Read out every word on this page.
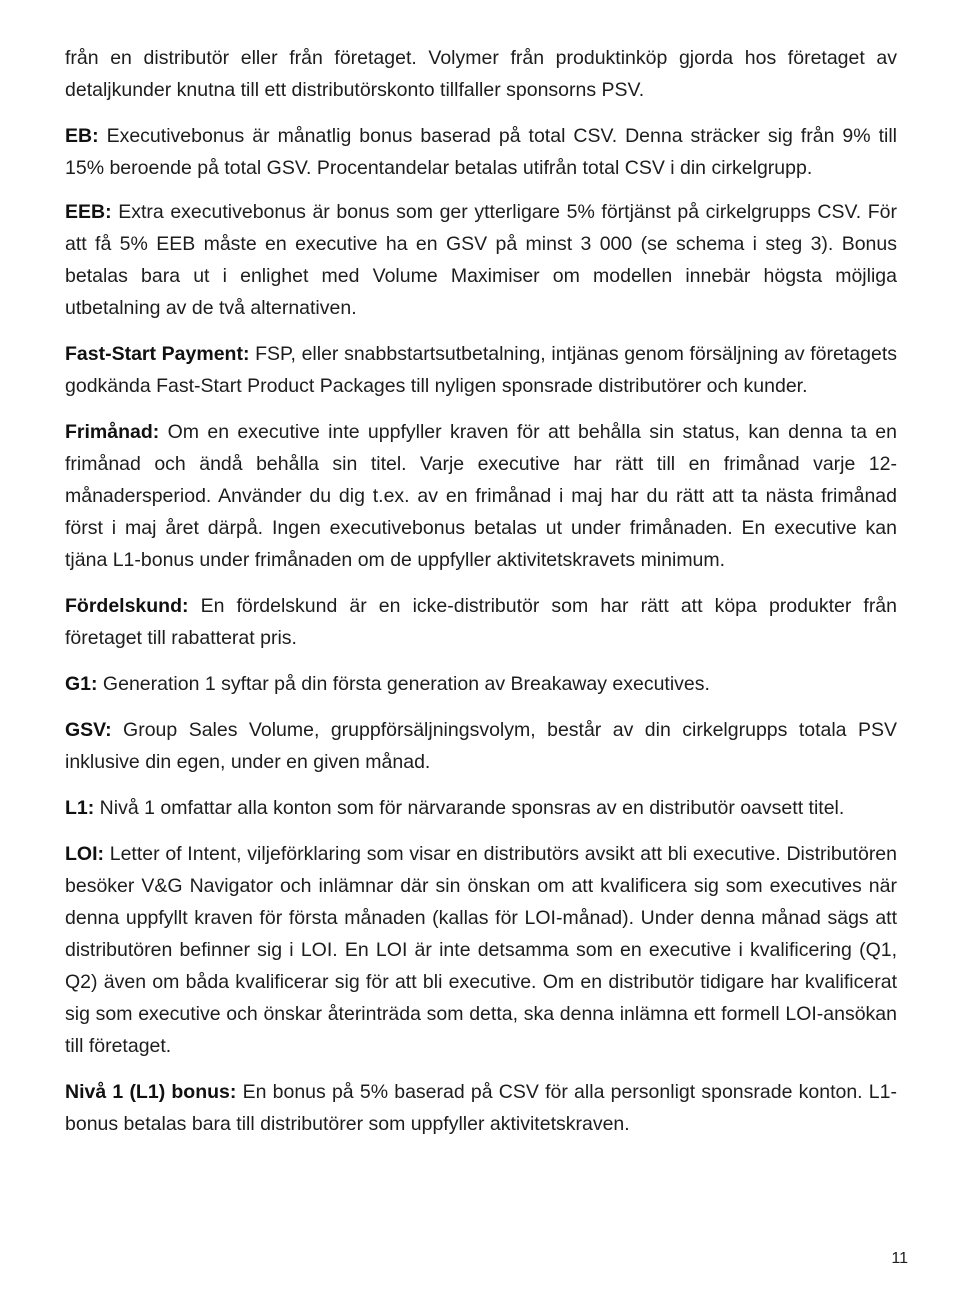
från en distributör eller från företaget. Volymer från produktinköp gjorda hos företaget av detaljkunder knutna till ett distributörskonto tillfaller sponsorns PSV.

EB: Executivebonus är månatlig bonus baserad på total CSV. Denna sträcker sig från 9% till 15% beroende på total GSV. Procentandelar betalas utifrån total CSV i din cirkelgrupp.

EEB: Extra executivebonus är bonus som ger ytterligare 5% förtjänst på cirkelgrupps CSV. För att få 5% EEB måste en executive ha en GSV på minst 3 000 (se schema i steg 3). Bonus betalas bara ut i enlighet med Volume Maximiser om modellen innebär högsta möjliga utbetalning av de två alternativen.

Fast-Start Payment: FSP, eller snabbstartsutbetalning, intjänas genom försäljning av företagets godkända Fast-Start Product Packages till nyligen sponsrade distributörer och kunder.

Frimånad: Om en executive inte uppfyller kraven för att behålla sin status, kan denna ta en frimånad och ändå behålla sin titel. Varje executive har rätt till en frimånad varje 12-månadersperiod. Använder du dig t.ex. av en frimånad i maj har du rätt att ta nästa frimånad först i maj året därpå. Ingen executivebonus betalas ut under frimånaden. En executive kan tjäna L1-bonus under frimånaden om de uppfyller aktivitetskravets minimum.

Fördelskund: En fördelskund är en icke-distributör som har rätt att köpa produkter från företaget till rabatterat pris.

G1: Generation 1 syftar på din första generation av Breakaway executives.

GSV: Group Sales Volume, gruppförsäljningsvolym, består av din cirkelgrupps totala PSV inklusive din egen, under en given månad.

L1: Nivå 1 omfattar alla konton som för närvarande sponsras av en distributör oavsett titel.

LOI: Letter of Intent, viljeförklaring som visar en distributörs avsikt att bli executive. Distributören besöker V&G Navigator och inlämnar där sin önskan om att kvalificera sig som executives när denna uppfyllt kraven för första månaden (kallas för LOI-månad). Under denna månad sägs att distributören befinner sig i LOI. En LOI är inte detsamma som en executive i kvalificering (Q1, Q2) även om båda kvalificerar sig för att bli executive. Om en distributör tidigare har kvalificerat sig som executive och önskar återinträda som detta, ska denna inlämna ett formell LOI-ansökan till företaget.

Nivå 1 (L1) bonus: En bonus på 5% baserad på CSV för alla personligt sponsrade konton. L1-bonus betalas bara till distributörer som uppfyller aktivitetskraven.

11
